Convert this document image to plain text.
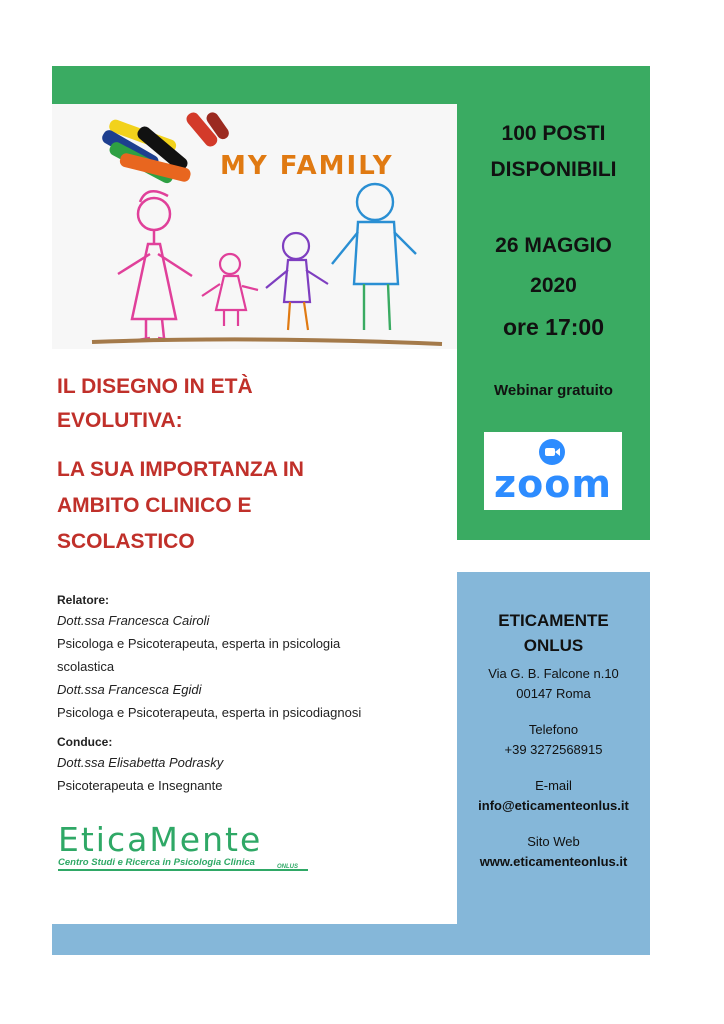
MY FAMILY
100 POSTI
DISPONIBILI
26 MAGGIO
2020
ore 17:00
Webinar gratuito
zoom
IL DISEGNO IN ETÀ
EVOLUTIVA:
LA SUA IMPORTANZA IN
AMBITO CLINICO E
SCOLASTICO
Relatore:
Dott.ssa Francesca Cairoli
Psicologa e Psicoterapeuta, esperta in psicologia
scolastica
Dott.ssa Francesca Egidi
Psicologa e Psicoterapeuta, esperta in psicodiagnosi
Conduce:
Dott.ssa Elisabetta Podrasky
Psicoterapeuta e Insegnante
EticaMente
Centro Studi e Ricerca in Psicologia Clinica	ONLUS
ETICAMENTE
ONLUS
Via G. B. Falcone n.10
00147 Roma
Telefono
+39 3272568915
E-mail
info@eticamenteonlus.it
Sito Web
www.eticamenteonlus.it
